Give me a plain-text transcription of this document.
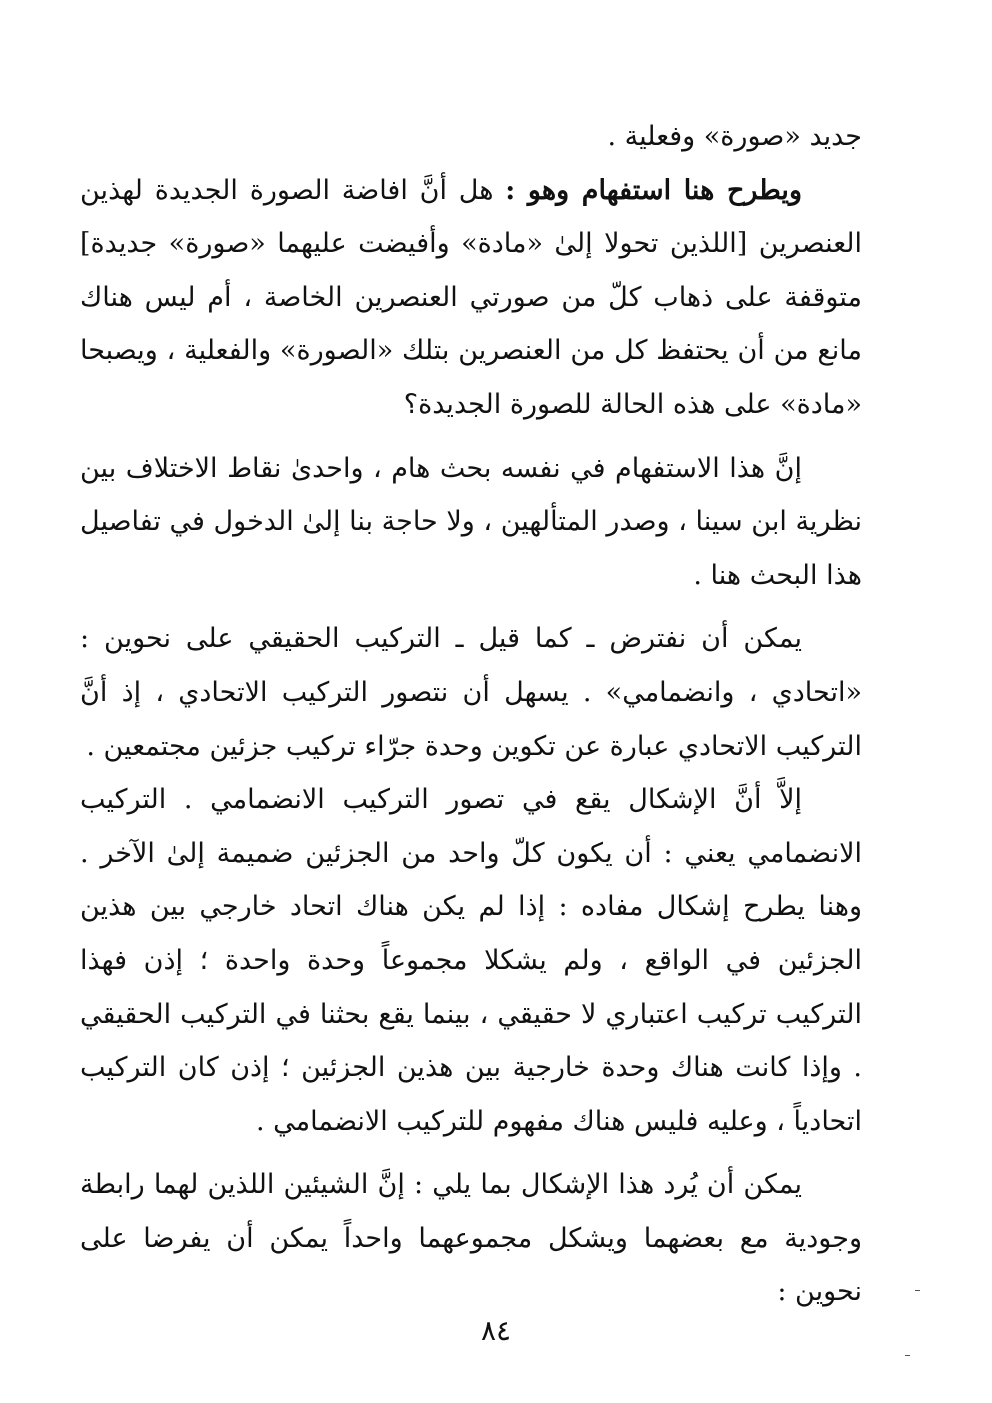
جديد «صورة» وفعلية .

ويطرح هنا استفهام وهو : هل أنَّ افاضة الصورة الجديدة لهذين العنصرين [اللذين تحولا إلىٰ «مادة» وأفيضت عليهما «صورة» جديدة] متوقفة على ذهاب كلّ من صورتي العنصرين الخاصة ، أم ليس هناك مانع من أن يحتفظ كل من العنصرين بتلك «الصورة» والفعلية ، ويصبحا «مادة» على هذه الحالة للصورة الجديدة؟

إنَّ هذا الاستفهام في نفسه بحث هام ، واحدىٰ نقاط الاختلاف بين نظرية ابن سينا ، وصدر المتألهين ، ولا حاجة بنا إلىٰ الدخول في تفاصيل هذا البحث هنا .

يمكن أن نفترض ـ كما قيل ـ التركيب الحقيقي على نحوين : «اتحادي ، وانضمامي» . يسهل أن نتصور التركيب الاتحادي ، إذ أنَّ التركيب الاتحادي عبارة عن تكوين وحدة جرّاء تركيب جزئين مجتمعين .

إلاَّ أنَّ الإشكال يقع في تصور التركيب الانضمامي . التركيب الانضمامي يعني : أن يكون كلّ واحد من الجزئين ضميمة إلىٰ الآخر . وهنا يطرح إشكال مفاده : إذا لم يكن هناك اتحاد خارجي بين هذين الجزئين في الواقع ، ولم يشكلا مجموعاً وحدة واحدة ؛ إذن فهذا التركيب تركيب اعتباري لا حقيقي ، بينما يقع بحثنا في التركيب الحقيقي . وإذا كانت هناك وحدة خارجية بين هذين الجزئين ؛ إذن كان التركيب اتحادياً ، وعليه فليس هناك مفهوم للتركيب الانضمامي .

يمكن أن يُرد هذا الإشكال بما يلي : إنَّ الشيئين اللذين لهما رابطة وجودية مع بعضهما ويشكل مجموعهما واحداً يمكن أن يفرضا على نحوين :

٨٤
